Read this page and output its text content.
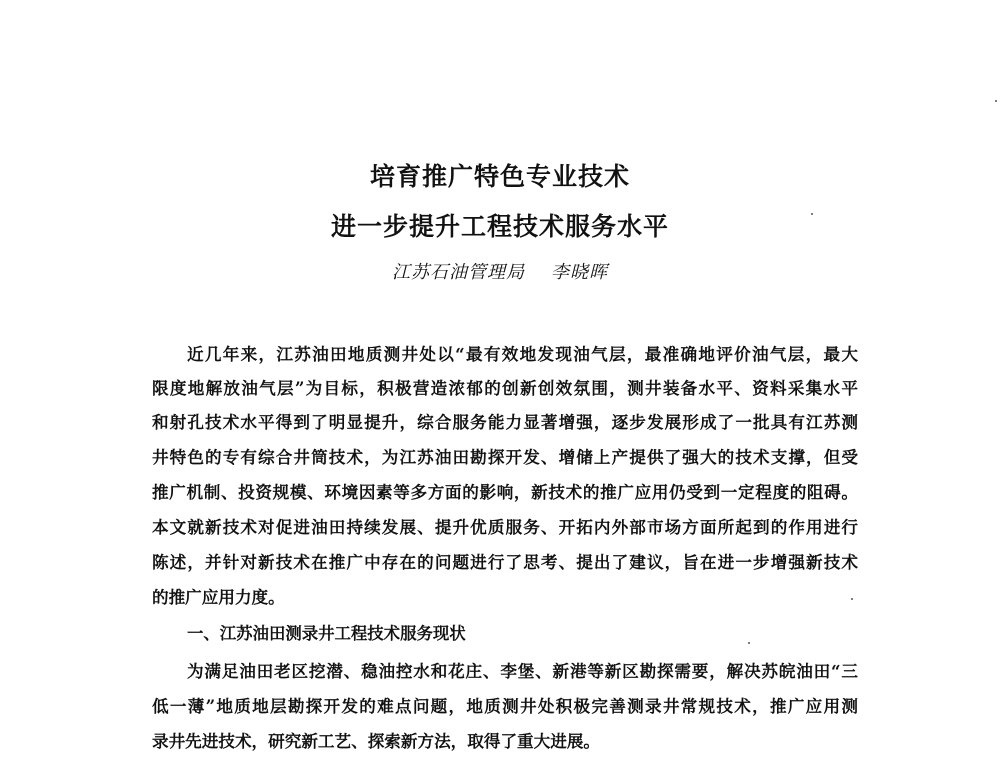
培育推广特色专业技术
进一步提升工程技术服务水平
江苏石油管理局 李晓晖
近几年来，江苏油田地质测井处以“最有效地发现油气层，最准确地评价油气层，最大
限度地解放油气层”为目标，积极营造浓郁的创新创效氛围，测井装备水平、资料采集水平
和射孔技术水平得到了明显提升，综合服务能力显著增强，逐步发展形成了一批具有江苏测
井特色的专有综合井筒技术，为江苏油田勘探开发、增储上产提供了强大的技术支撑，但受
推广机制、投资规模、环境因素等多方面的影响，新技术的推广应用仍受到一定程度的阻碍。
本文就新技术对促进油田持续发展、提升优质服务、开拓内外部市场方面所起到的作用进行
陈述，并针对新技术在推广中存在的问题进行了思考、提出了建议，旨在进一步增强新技术
的推广应用力度。
一、江苏油田测录井工程技术服务现状
为满足油田老区挖潜、稳油控水和花庄、李堡、新港等新区勘探需要，解决苏皖油田“三
低一薄”地质地层勘探开发的难点问题，地质测井处积极完善测录井常规技术，推广应用测
录井先进技术，研究新工艺、探索新方法，取得了重大进展。
